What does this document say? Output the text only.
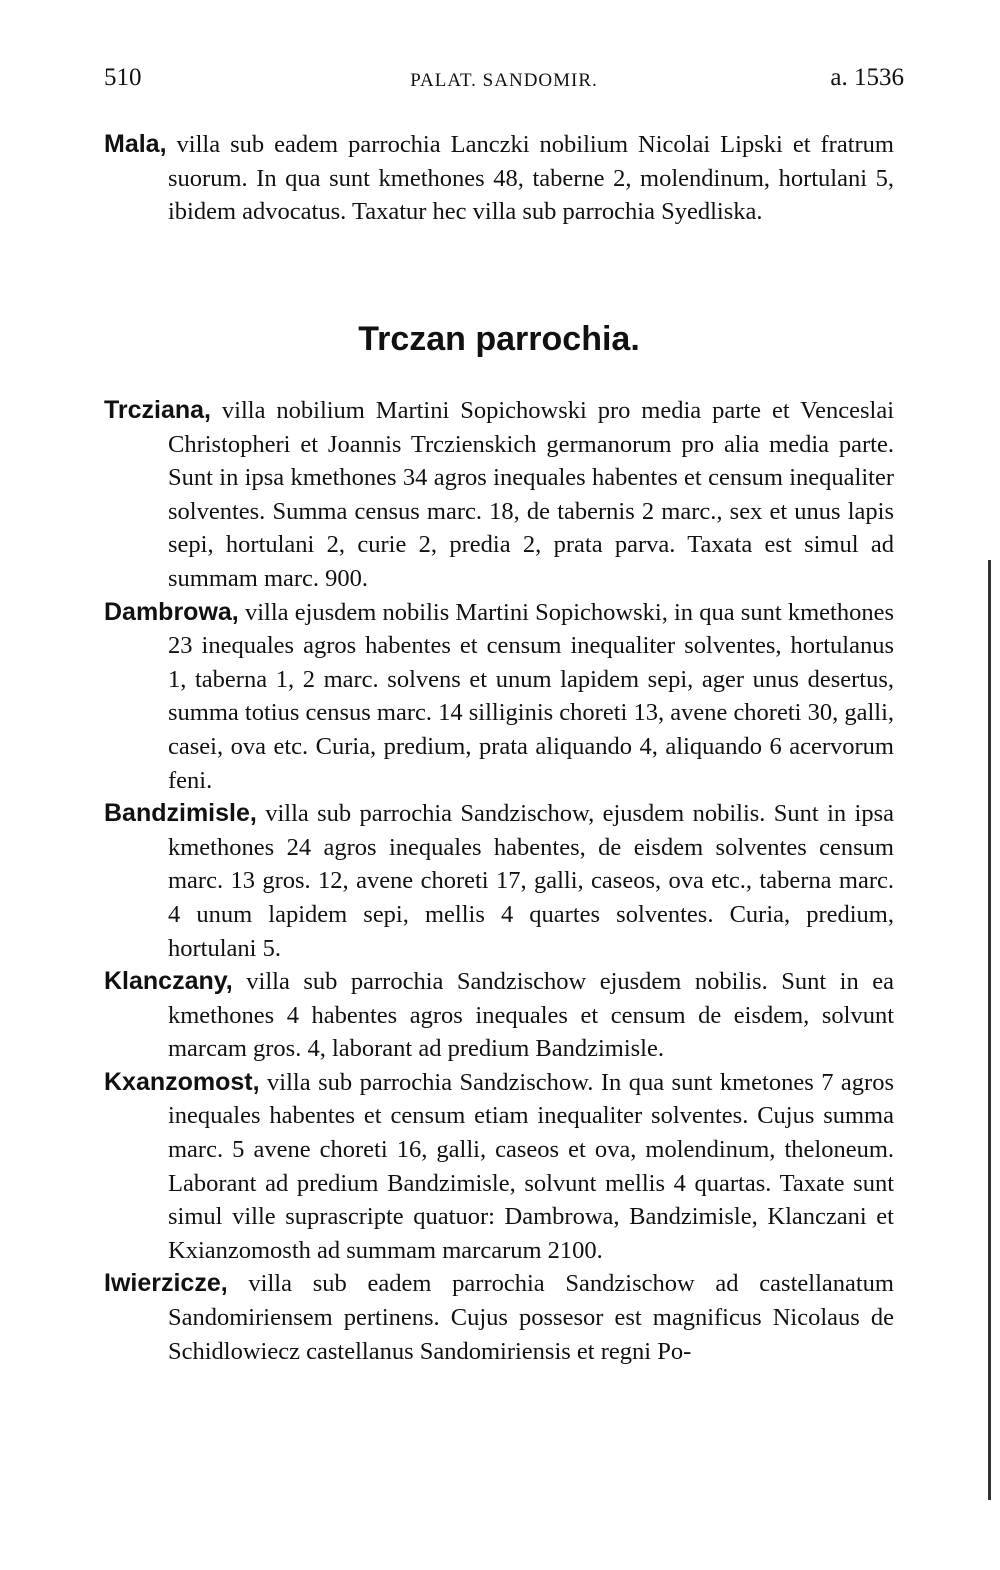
510	PALAT. SANDOMIR.	a. 1536

Mala, villa sub eadem parrochia Lanczki nobilium Nicolai Lipski et fratrum suorum. In qua sunt kmethones 48, taberne 2, molendinum, hortulani 5, ibidem advocatus. Taxatur hec villa sub parrochia Syedliska.

Trczan parrochia.

Trcziana, villa nobilium Martini Sopichowski pro media parte et Venceslai Christopheri et Joannis Trczienskich germanorum pro alia media parte. Sunt in ipsa kmethones 34 agros inequales habentes et censum inequaliter solventes. Summa census marc. 18, de tabernis 2 marc., sex et unus lapis sepi, hortulani 2, curie 2, predia 2, prata parva. Taxata est simul ad summam marc. 900.

Dambrowa, villa ejusdem nobilis Martini Sopichowski, in qua sunt kmethones 23 inequales agros habentes et censum inequaliter solventes, hortulanus 1, taberna 1, 2 marc. solvens et unum lapidem sepi, ager unus desertus, summa totius census marc. 14 silliginis choreti 13, avene choreti 30, galli, casei, ova etc. Curia, predium, prata aliquando 4, aliquando 6 acervorum feni.

Bandzimisle, villa sub parrochia Sandzischow, ejusdem nobilis. Sunt in ipsa kmethones 24 agros inequales habentes, de eisdem solventes censum marc. 13 gros. 12, avene choreti 17, galli, caseos, ova etc., taberna marc. 4 unum lapidem sepi, mellis 4 quartes solventes. Curia, predium, hortulani 5.

Klanczany, villa sub parrochia Sandzischow ejusdem nobilis. Sunt in ea kmethones 4 habentes agros inequales et censum de eisdem, solvunt marcam gros. 4, laborant ad predium Bandzimisle.

Kxanzomost, villa sub parrochia Sandzischow. In qua sunt kmetones 7 agros inequales habentes et censum etiam inequaliter solventes. Cujus summa marc. 5 avene choreti 16, galli, caseos et ova, molendinum, theloneum. Laborant ad predium Bandzimisle, solvunt mellis 4 quartas. Taxate sunt simul ville suprascripte quatuor: Dambrowa, Bandzimisle, Klanczani et Kxianzomosth ad summam marcarum 2100.

Iwierzicze, villa sub eadem parrochia Sandzischow ad castellanatum Sandomiriensem pertinens. Cujus possesor est magnificus Nicolaus de Schidlowiecz castellanus Sandomiriensis et regni Po-
